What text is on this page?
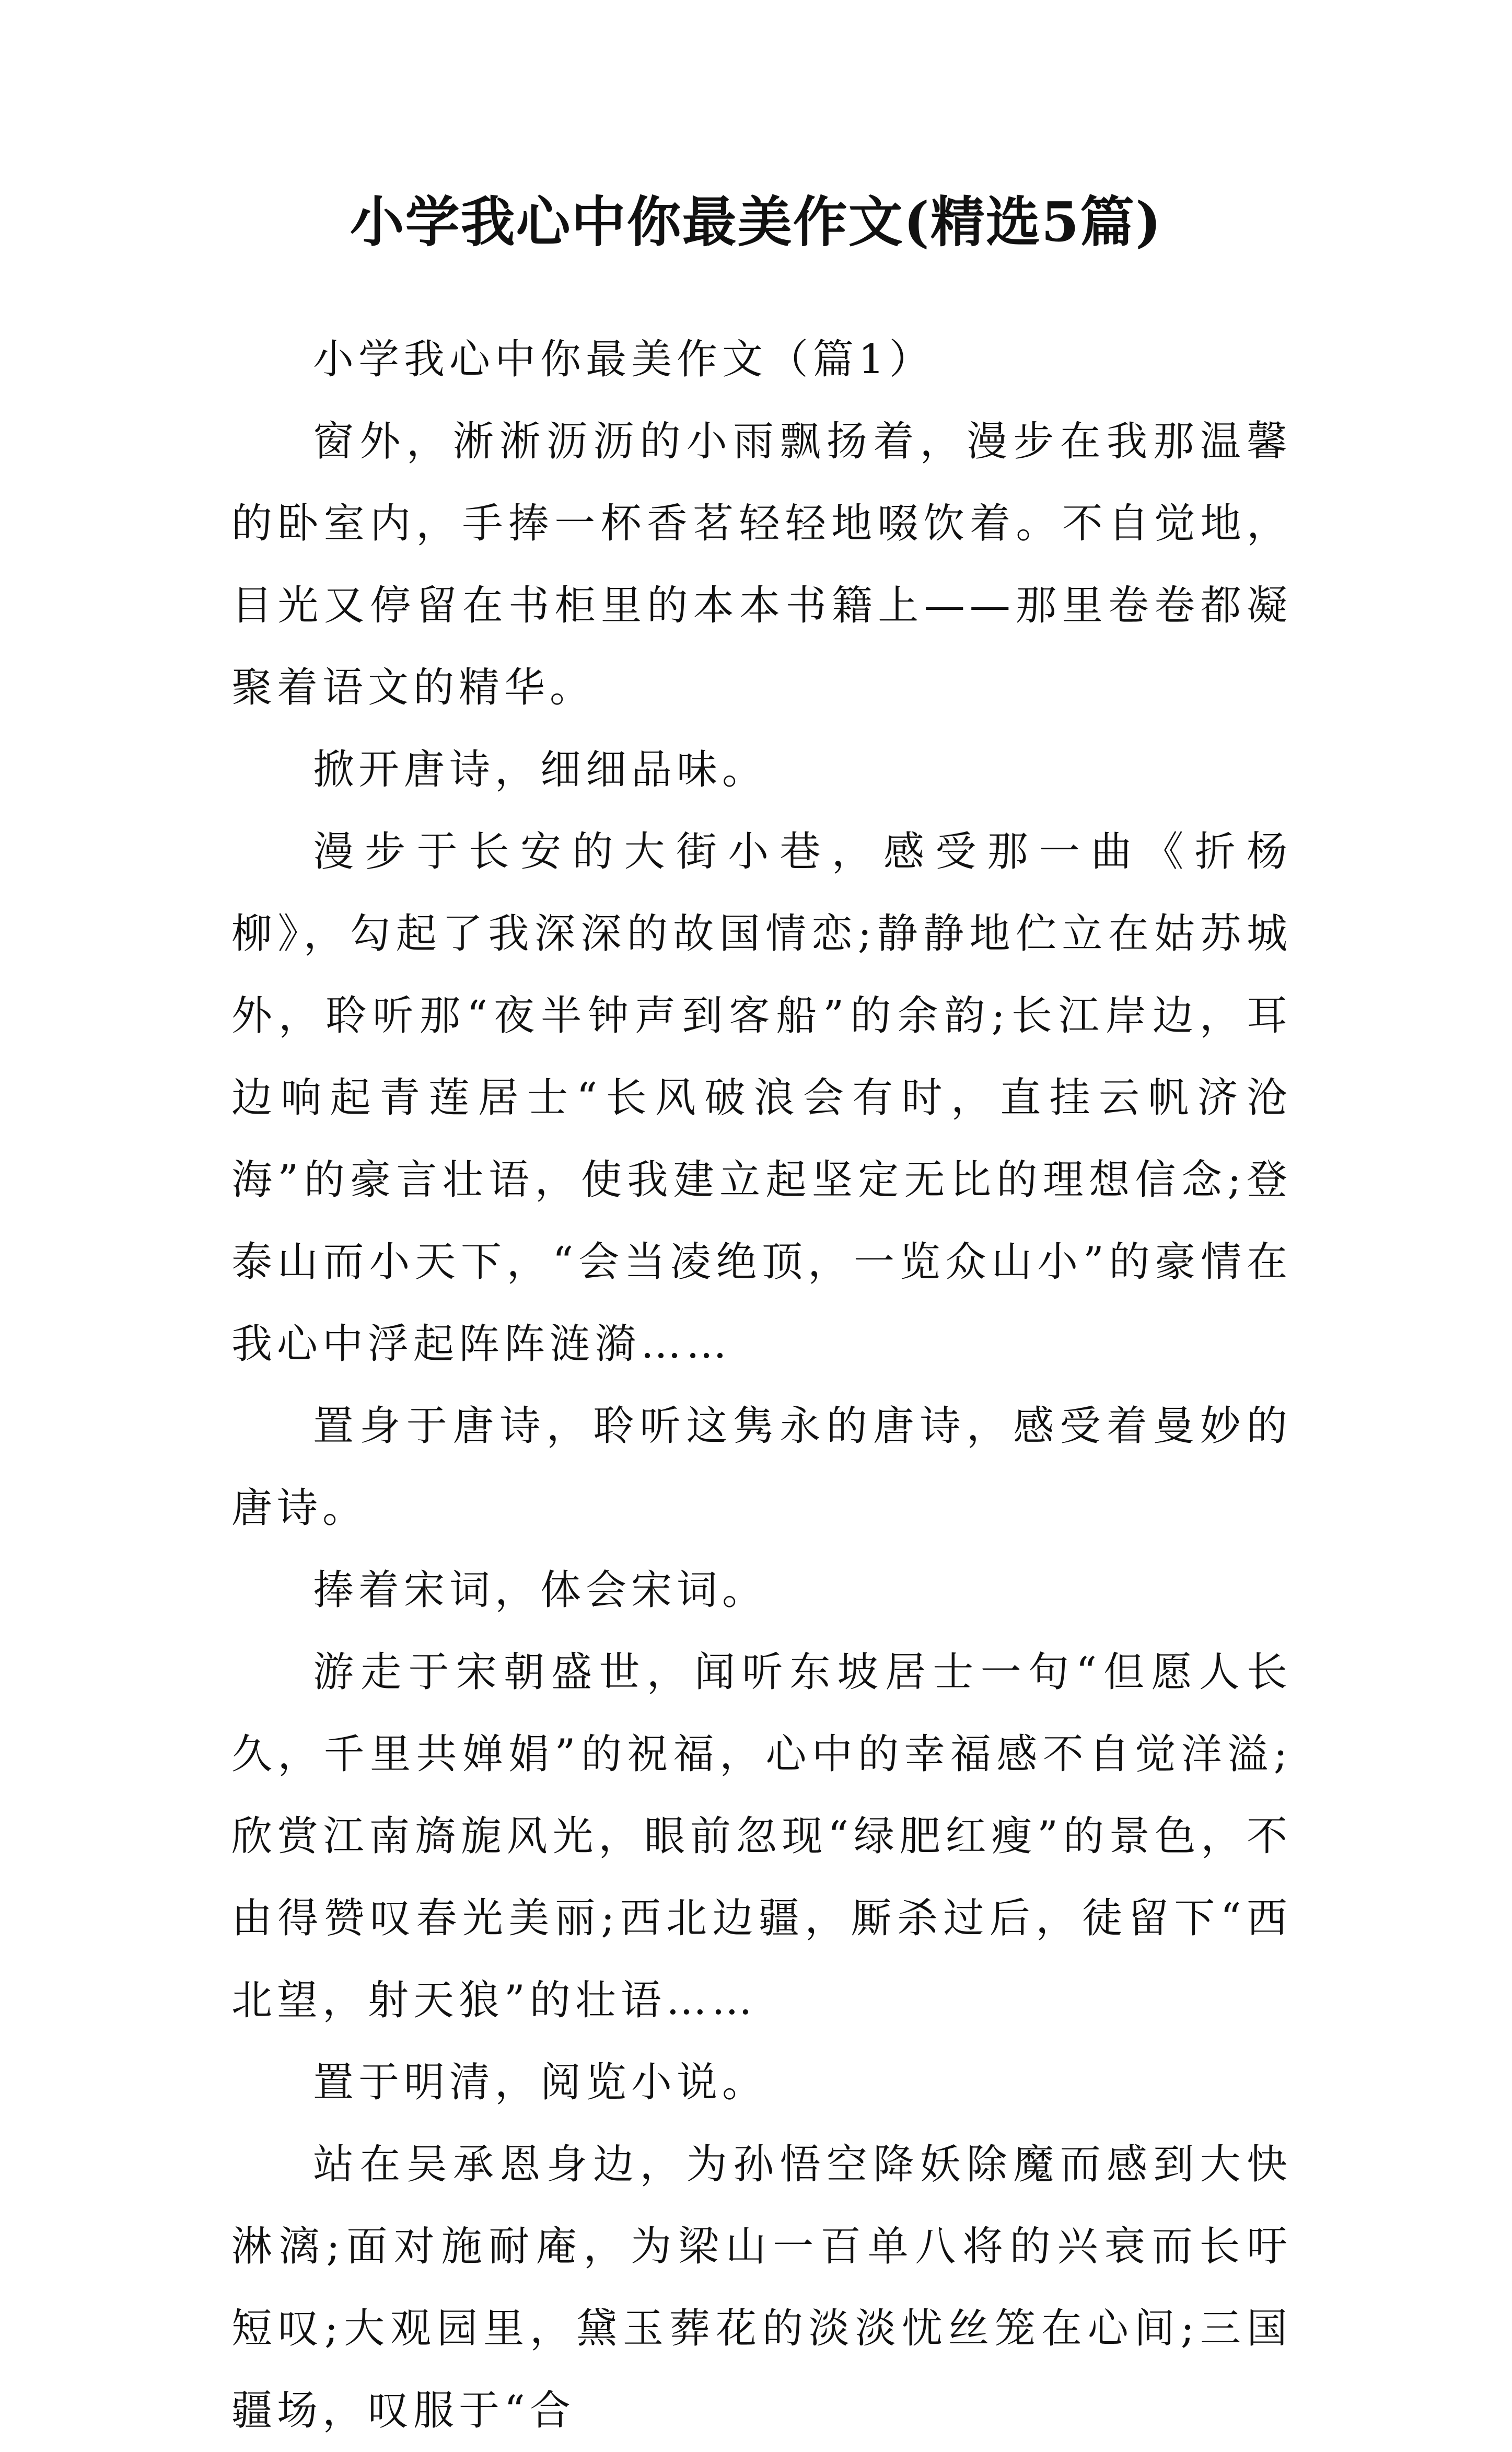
小学我心中你最美作文(精选5篇)

小学我心中你最美作文（篇1）

窗外，淅淅沥沥的小雨飘扬着，漫步在我那温馨的卧室内，手捧一杯香茗轻轻地啜饮着。不自觉地，目光又停留在书柜里的本本书籍上——那里卷卷都凝聚着语文的精华。

掀开唐诗，细细品味。

漫步于长安的大街小巷，感受那一曲《折杨柳》，勾起了我深深的故国情恋;静静地伫立在姑苏城外，聆听那“夜半钟声到客船”的余韵;长江岸边，耳边响起青莲居士“长风破浪会有时，直挂云帆济沧海”的豪言壮语，使我建立起坚定无比的理想信念;登泰山而小天下，“会当凌绝顶，一览众山小”的豪情在我心中浮起阵阵涟漪……

置身于唐诗，聆听这隽永的唐诗，感受着曼妙的唐诗。

捧着宋词，体会宋词。

游走于宋朝盛世，闻听东坡居士一句“但愿人长久，千里共婵娟”的祝福，心中的幸福感不自觉洋溢;欣赏江南旖旎风光，眼前忽现“绿肥红瘦”的景色，不由得赞叹春光美丽;西北边疆，厮杀过后，徒留下“西北望，射天狼”的壮语……

置于明清，阅览小说。

站在吴承恩身边，为孙悟空降妖除魔而感到大快淋漓;面对施耐庵，为梁山一百单八将的兴衰而长吁短叹;大观园里，黛玉葬花的淡淡忧丝笼在心间;三国疆场，叹服于“合
